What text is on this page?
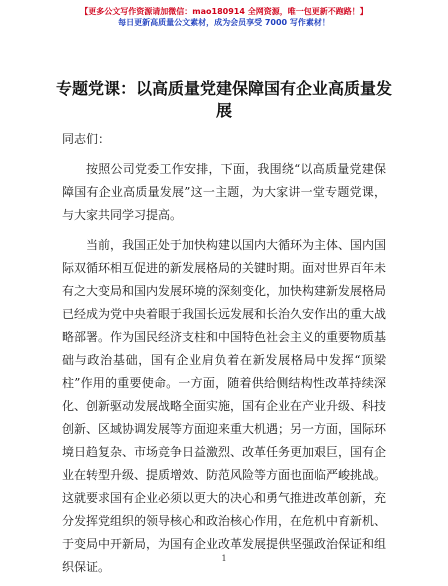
【更多公文写作资源请加微信：mao180914 全网资源，唯一包更新不跑路！】
每日更新高质量公文素材，成为会员享受 7000 写作素材！
专题党课：以高质量党建保障国有企业高质量发展

同志们：

按照公司党委工作安排，下面，我围绕“以高质量党建保障国有企业高质量发展”这一主题，为大家讲一堂专题党课，与大家共同学习提高。

当前，我国正处于加快构建以国内大循环为主体、国内国际双循环相互促进的新发展格局的关键时期。面对世界百年未有之大变局和国内发展环境的深刻变化，加快构建新发展格局已经成为党中央着眼于我国长远发展和长治久安作出的重大战略部署。作为国民经济支柱和中国特色社会主义的重要物质基础与政治基础，国有企业肩负着在新发展格局中发挥“顶梁柱”作用的重要使命。一方面，随着供给侧结构性改革持续深化、创新驱动发展战略全面实施，国有企业在产业升级、科技创新、区域协调发展等方面迎来重大机遇；另一方面，国际环境日趋复杂、市场竞争日益激烈、改革任务更加艰巨，国有企业在转型升级、提质增效、防范风险等方面也面临严峻挑战。

这就要求国有企业必须以更大的决心和勇气推进改革创新，充分发挥党组织的领导核心和政治核心作用，在危机中育新机、于变局中开新局，为国有企业改革发展提供坚强政治保证和组织保证。

1
